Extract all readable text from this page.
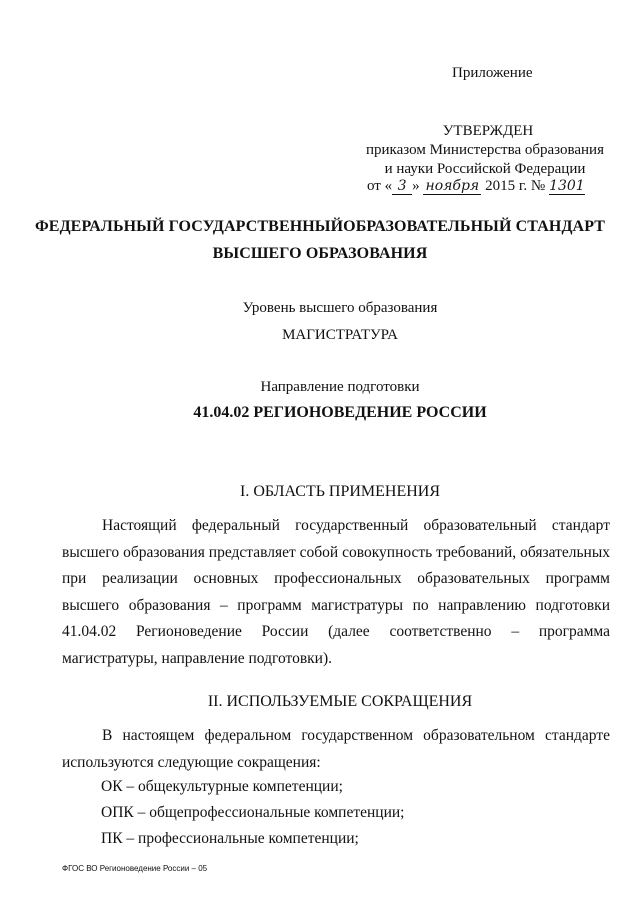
Приложение
УТВЕРЖДЕН
приказом Министерства образования
и науки Российской Федерации
от « 3 » ноября 2015 г. № 1301
ФЕДЕРАЛЬНЫЙ ГОСУДАРСТВЕННЫЙОБРАЗОВАТЕЛЬНЫЙ СТАНДАРТ
ВЫСШЕГО ОБРАЗОВАНИЯ
Уровень высшего образования
МАГИСТРАТУРА
Направление подготовки
41.04.02 РЕГИОНОВЕДЕНИЕ РОССИИ
I. ОБЛАСТЬ ПРИМЕНЕНИЯ
Настоящий федеральный государственный образовательный стандарт высшего образования представляет собой совокупность требований, обязательных при реализации основных профессиональных образовательных программ высшего образования – программ магистратуры по направлению подготовки 41.04.02 Регионоведение России (далее соответственно – программа магистратуры, направление подготовки).
II. ИСПОЛЬЗУЕМЫЕ СОКРАЩЕНИЯ
В настоящем федеральном государственном образовательном стандарте используются следующие сокращения:
ОК – общекультурные компетенции;
ОПК – общепрофессиональные компетенции;
ПК – профессиональные компетенции;
ФГОС ВО Регионоведение России – 05
